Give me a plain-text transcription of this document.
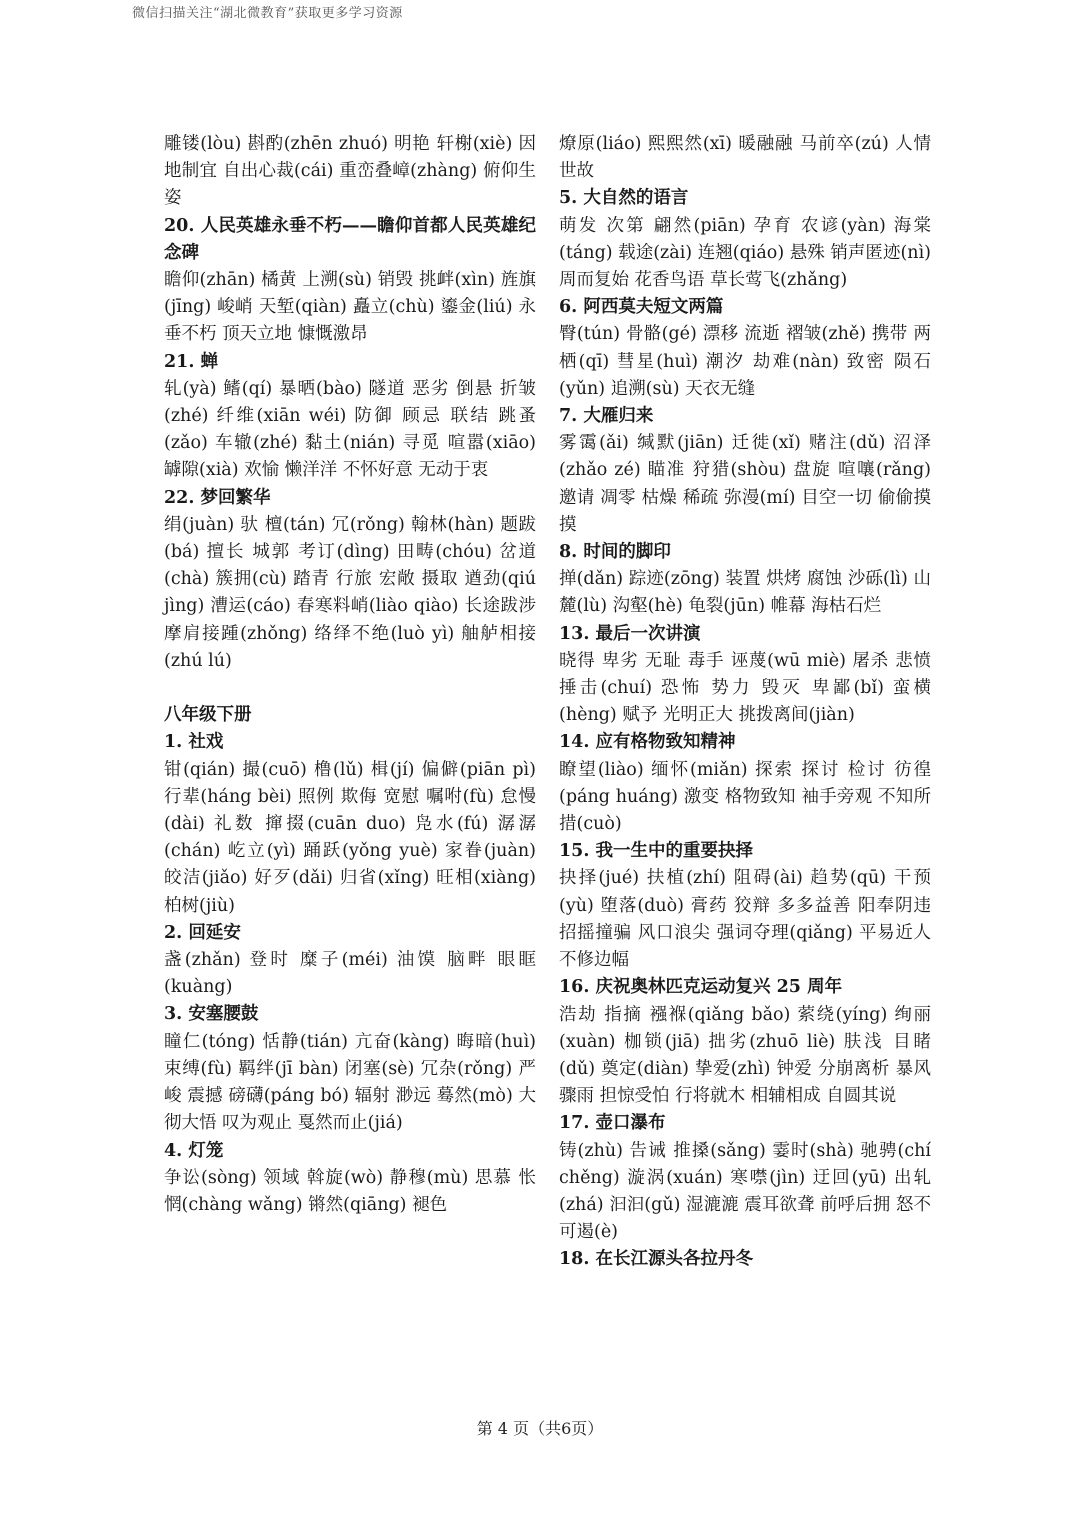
微信扫描关注“湖北微教育”获取更多学习资源

雕镂(lòu) 斟酌(zhēn zhuó) 明艳 轩榭(xiè) 因地制宜 自出心裁(cái) 重峦叠嶂(zhàng) 俯仰生姿

20. 人民英雄永垂不朽——瞻仰首都人民英雄纪念碑

瞻仰(zhān) 橘黄 上溯(sù) 销毁 挑衅(xìn) 旌旗(jīng) 峻峭 天堑(qiàn) 矗立(chù) 鎏金(liú) 永垂不朽 顶天立地 慷慨激昂

21. 蝉

轧(yà) 鳍(qí) 暴晒(bào) 隧道 恶劣 倒悬 折皱(zhé) 纤维(xiān wéi) 防御 顾忌 联结 跳蚤(zǎo) 车辙(zhé) 黏土(nián) 寻觅 喧嚣(xiāo) 罅隙(xià) 欢愉 懒洋洋 不怀好意 无动于衷

22. 梦回繁华

绢(juàn) 驮 檀(tán) 冗(rǒng) 翰林(hàn) 题跋(bá) 擅长 城郭 考订(dìng) 田畴(chóu) 岔道(chà) 簇拥(cù) 踏青 行旅 宏敞 摄取 遒劲(qiú jìng) 漕运(cáo) 春寒料峭(liào qiào) 长途跋涉 摩肩接踵(zhǒng) 络绎不绝(luò yì) 舳舻相接(zhú lú)

八年级下册

1. 社戏

钳(qián) 撮(cuō) 橹(lǔ) 楫(jí) 偏僻(piān pì) 行辈(háng bèi) 照例 欺侮 宽慰 嘱咐(fù) 怠慢(dài) 礼数 撺掇(cuān duo) 凫水(fú) 潺潺(chán) 屹立(yì) 踊跃(yǒng yuè) 家眷(juàn) 皎洁(jiǎo) 好歹(dǎi) 归省(xǐng) 旺相(xiàng) 柏树(jiù)

2. 回延安

盏(zhǎn) 登时 糜子(méi) 油馍 脑畔 眼眶(kuàng)

3. 安塞腰鼓

瞳仁(tóng) 恬静(tián) 亢奋(kàng) 晦暗(huì) 束缚(fù) 羁绊(jī bàn) 闭塞(sè) 冗杂(rǒng) 严峻 震撼 磅礴(páng bó) 辐射 渺远 蓦然(mò) 大彻大悟 叹为观止 戛然而止(jiá)

4. 灯笼

争讼(sòng) 领域 斡旋(wò) 静穆(mù) 思慕 怅惘(chàng wǎng) 锵然(qiāng) 褪色

燎原(liáo) 熙熙然(xī) 暖融融 马前卒(zú) 人情世故

5. 大自然的语言

萌发 次第 翩然(piān) 孕育 农谚(yàn) 海棠(táng) 载途(zài) 连翘(qiáo) 悬殊 销声匿迹(nì) 周而复始 花香鸟语 草长莺飞(zhǎng)

6. 阿西莫夫短文两篇

臀(tún) 骨骼(gé) 漂移 流逝 褶皱(zhě) 携带 两栖(qī) 彗星(huì) 潮汐 劫难(nàn) 致密 陨石(yǔn) 追溯(sù) 天衣无缝

7. 大雁归来

雾霭(ǎi) 缄默(jiān) 迁徙(xǐ) 赌注(dǔ) 沼泽(zhǎo zé) 瞄准 狩猎(shòu) 盘旋 喧嚷(rǎng) 邀请 凋零 枯燥 稀疏 弥漫(mí) 目空一切 偷偷摸摸

8. 时间的脚印

掸(dǎn) 踪迹(zōng) 装置 烘烤 腐蚀 沙砾(lì) 山麓(lù) 沟壑(hè) 龟裂(jūn) 帷幕 海枯石烂

13. 最后一次讲演

晓得 卑劣 无耻 毒手 诬蔑(wū miè) 屠杀 悲愤 捶击(chuí) 恐怖 势力 毁灭 卑鄙(bǐ) 蛮横(hèng) 赋予 光明正大 挑拨离间(jiàn)

14. 应有格物致知精神

瞭望(liào) 缅怀(miǎn) 探索 探讨 检讨 彷徨(páng huáng) 激变 格物致知 袖手旁观 不知所措(cuò)

15. 我一生中的重要抉择

抉择(jué) 扶植(zhí) 阻碍(ài) 趋势(qū) 干预(yù) 堕落(duò) 膏药 狡辩 多多益善 阳奉阴违 招摇撞骗 风口浪尖 强词夺理(qiǎng) 平易近人 不修边幅

16. 庆祝奥林匹克运动复兴 25 周年

浩劫 指摘 襁褓(qiǎng bǎo) 萦绕(yíng) 绚丽(xuàn) 枷锁(jiā) 拙劣(zhuō liè) 肤浅 目睹(dǔ) 奠定(diàn) 挚爱(zhì) 钟爱 分崩离析 暴风骤雨 担惊受怕 行将就木 相辅相成 自圆其说

17. 壶口瀑布

铸(zhù) 告诫 推搡(sǎng) 霎时(shà) 驰骋(chí chěng) 漩涡(xuán) 寒噤(jìn) 迂回(yū) 出轧(zhá) 汩汩(gǔ) 湿漉漉 震耳欲聋 前呼后拥 怒不可遏(è)

18. 在长江源头各拉丹冬

第 4 页（共6页）
